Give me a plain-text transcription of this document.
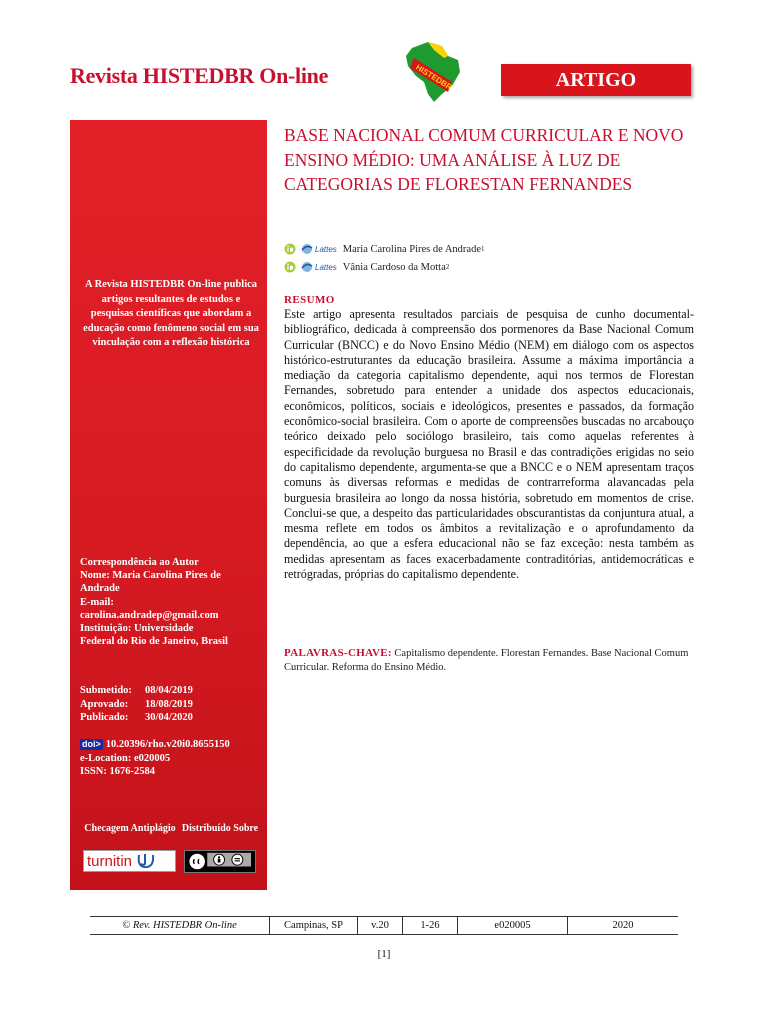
Revista HISTEDBR On-line	HISTEDBR	ARTIGO
A Revista HISTEDBR On-line publica artigos resultantes de estudos e pesquisas científicas que abordam a educação como fenômeno social em sua vinculação com a reflexão histórica
Correspondência ao Autor
Nome: Maria Carolina Pires de
Andrade
E-mail:
carolina.andradep@gmail.com
Instituição: Universidade
Federal do Rio de Janeiro, Brasil
Submetido:	08/04/2019
Aprovado:	18/08/2019
Publicado:	30/04/2020
doi> 10.20396/rho.v20i0.8655150
e-Location: e020005
ISSN: 1676-2584
Checagem Antiplágio Distribuído Sobre
turnitin
BASE NACIONAL COMUM CURRICULAR E NOVO ENSINO MÉDIO: UMA ANÁLISE À LUZ DE CATEGORIAS DE FLORESTAN FERNANDES
Lattes Maria Carolina Pires de Andrade 1
Lattes Vânia Cardoso da Motta 2
RESUMO
Este artigo apresenta resultados parciais de pesquisa de cunho documental-bibliográfico, dedicada à compreensão dos pormenores da Base Nacional Comum Curricular (BNCC) e do Novo Ensino Médio (NEM) em diálogo com os aspectos histórico-estruturantes da educação brasileira. Assume a máxima importância a mediação da categoria capitalismo dependente, aqui nos termos de Florestan Fernandes, sobretudo para entender a unidade dos aspectos educacionais, econômicos, políticos, sociais e ideológicos, presentes e passados, da formação econômico-social brasileira. Com o aporte de compreensões buscadas no arcabouço teórico deixado pelo sociólogo brasileiro, tais como aquelas referentes à especificidade da revolução burguesa no Brasil e das contradições erigidas no seio do capitalismo dependente, argumenta-se que a BNCC e o NEM apresentam traços comuns às diversas reformas e medidas de contrarreforma alavancadas pela burguesia brasileira ao longo da nossa história, sobretudo em momentos de crise. Conclui-se que, a despeito das particularidades obscurantistas da conjuntura atual, a mesma reflete em todos os âmbitos a revitalização e o aprofundamento da dependência, ao que a esfera educacional não se faz exceção: nesta também as medidas apresentam as faces exacerbadamente contraditórias, antidemocráticas e retrógradas, próprias do capitalismo dependente.
PALAVRAS-CHAVE: Capitalismo dependente. Florestan Fernandes. Base Nacional Comum Curricular. Reforma do Ensino Médio.
© Rev. HISTEDBR On-line	Campinas, SP	v.20	1-26	e020005	2020
[1]
